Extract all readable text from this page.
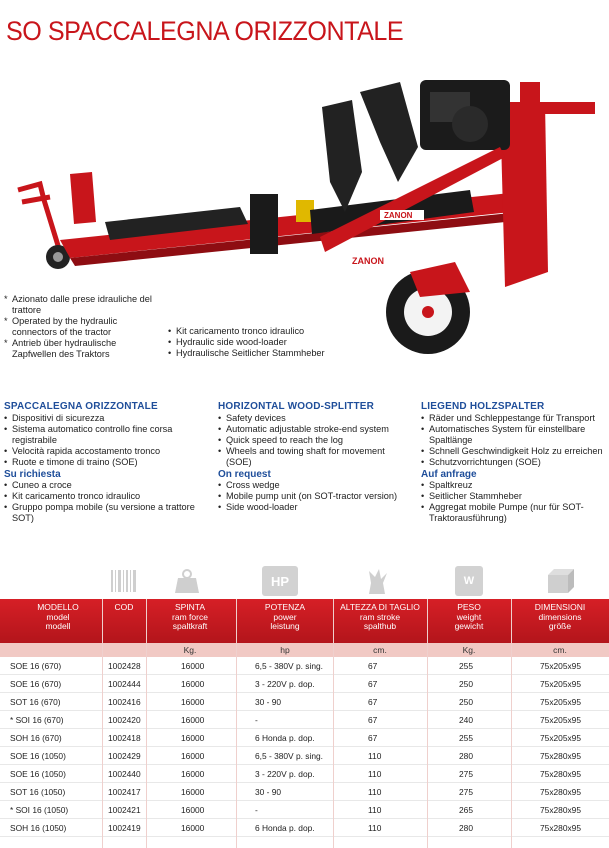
SO SPACCALEGNA ORIZZONTALE
ZANON
ZANON
* Azionato dalle prese idrauliche del trattore
* Operated by the hydraulic connectors of the tractor
* Antrieb über hydraulische Zapfwellen des Traktors
• Kit caricamento tronco idraulico
• Hydraulic side wood-loader
• Hydraulische Seitlicher Stammheber
SPACCALEGNA ORIZZONTALE
• Dispositivi di sicurezza
• Sistema automatico controllo fine corsa registrabile
• Velocità rapida accostamento tronco
• Ruote e timone di traino (SOE)
Su richiesta
• Cuneo a croce
• Kit caricamento tronco idraulico
• Gruppo pompa mobile (su versione a trattore SOT)
HORIZONTAL WOOD-SPLITTER
• Safety devices
• Automatic adjustable stroke-end system
• Quick speed to reach the log
• Wheels and towing shaft for movement (SOE)
On request
• Cross wedge
• Mobile pump unit (on SOT-tractor version)
• Side wood-loader
LIEGEND HOLZSPALTER
• Räder und Schleppestange für Transport
• Automatisches System für einstellbare Spaltlänge
• Schnell Geschwindigkeit Holz zu erreichen
• Schutzvorrichtungen (SOE)
Auf anfrage
• Spaltkreuz
• Seitlicher Stammheber
• Aggregat mobile Pumpe (nur für SOT-Traktorausführung)
HP	W
MODELLO
model
modell
COD	SPINTA
ram force
spaltkraft
POTENZA
power
leistung
ALTEZZA DI TAGLIO
ram stroke
spalthub
PESO
weight
gewicht
DIMENSIONI
dimensions
größe
Kg.	hp	cm.	Kg.	cm.
SOE 16 (670)	1002428	16000	6,5 - 380V p. sing.	67	255	75x205x95
SOE 16 (670)	1002444	16000	3 - 220V p. dop.	67	250	75x205x95
SOT 16 (670)	1002416	16000	30 - 90	67	250	75x205x95
* SOI 16 (670)	1002420	16000	-	67	240	75x205x95
SOH 16 (670)	1002418	16000	6 Honda p. dop.	67	255	75x205x95
SOE 16 (1050)	1002429	16000	6,5 - 380V p. sing.	110	280	75x280x95
SOE 16 (1050)	1002440	16000	3 - 220V p. dop.	110	275	75x280x95
SOT 16 (1050)	1002417	16000	30 - 90	110	275	75x280x95
* SOI 16 (1050)	1002421	16000	-	110	265	75x280x95
SOH 16 (1050)	1002419	16000	6 Honda p. dop.	110	280	75x280x95
